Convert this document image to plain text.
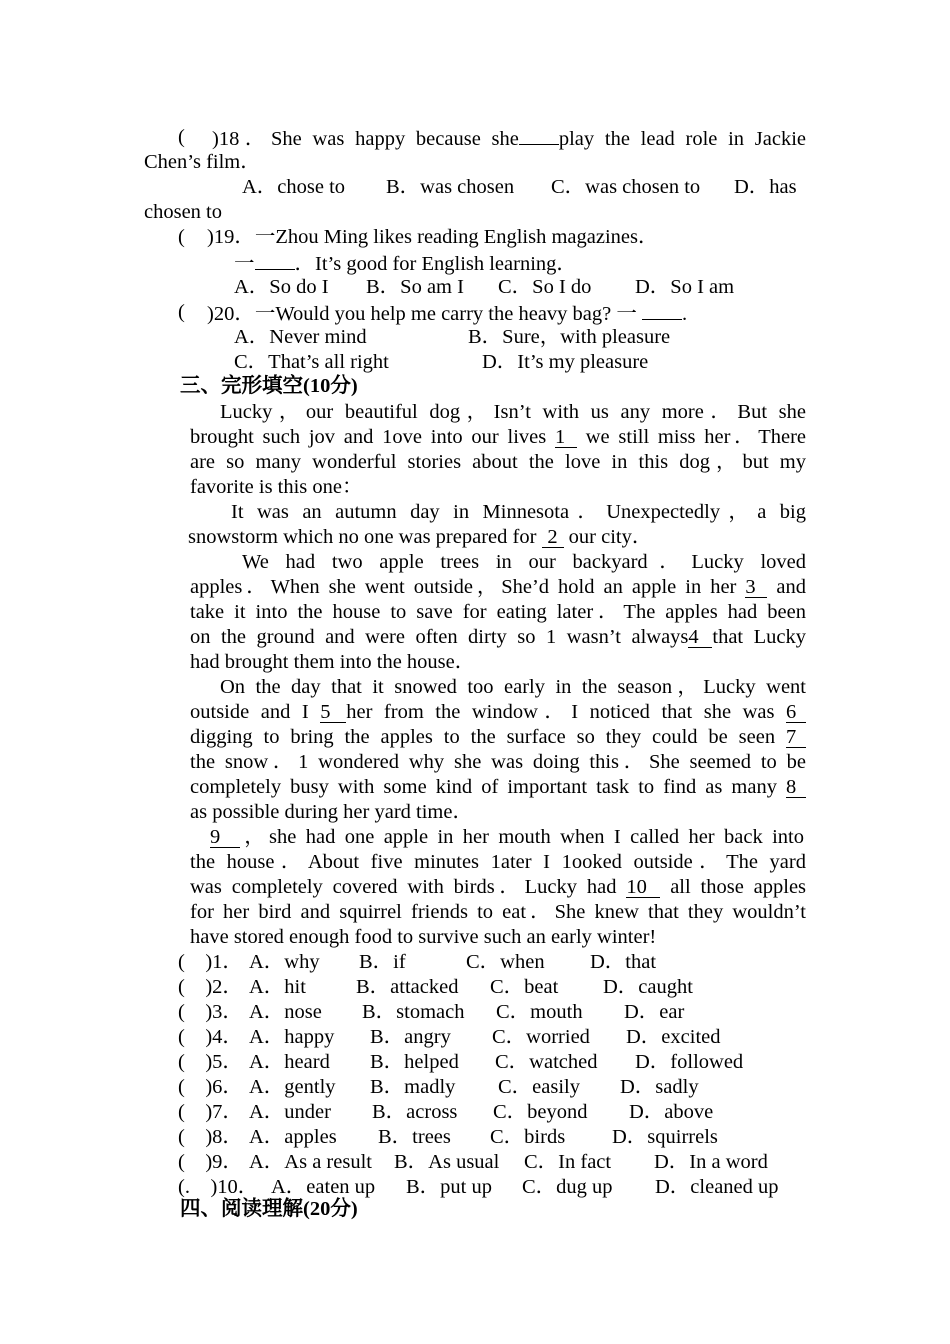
( )18．She was happy because she play the lead role in Jackie
Chen’s film．
A．chose to B．was chosen C．was chosen to D．has
chosen to
( )19．一Zhou Ming likes reading English magazines．
一 ．It’s good for English learning．
A．So do I B．So am I C．So I do D．So I am
( )20．一Would you help me carry the heavy bag? 一 .
A．Never mind	B．Sure，with pleasure
C．That’s all right	D．It’s my pleasure
三、完形填空(10分)
Lucky，our beautiful dog，Isn’t with us any more．But she
brought such jov and 1ove into our lives 1 we still miss her．There
are so many wonderful stories about the love in this dog，but my
favorite is this one：
It was an autumn day in Minnesota．Unexpectedly，a big
snowstorm which no one was prepared for 2 our city．
We had two apple trees in our backyard．Lucky loved
apples．When she went outside，She’d hold an apple in her 3 and
take it into the house to save for eating later．The apples had been
on the ground and were often dirty so 1 wasn’t always4 that Lucky
had brought them into the house．
On the day that it snowed too early in the season，Lucky went
outside and I 5 her from the window．I noticed that she was 6
digging to bring the apples to the surface so they could be seen 7
the snow．1 wondered why she was doing this．She seemed to be
completely busy with some kind of important task to find as many 8
as possible during her yard time．
9 ，she had one apple in her mouth when I called her back into
the house．About five minutes 1ater I 1ooked outside．The yard
was completely covered with birds．Lucky had 10 all those apples
for her bird and squirrel friends to eat．She knew that they wouldn’t
have stored enough food to survive such an early winter!
(    )1． A．why B．if	C．when D．that
(    )2． A．hit B．attacked C．beat D．caught
(    )3． A．nose B．stomach C．mouth D．ear
(    )4． A．happy B．angry C．worried D．excited
(    )5． A．heard B．helped C．watched D．followed
(    )6． A．gently B．madly C．easily D．sadly
(    )7． A．under B．across C．beyond D．above
(    )8． A．apples B．trees C．birds D．squirrels
(    )9． A．As a result B．As usual C．In fact D．In a word
(.    )10． A．eaten up B．put up C．dug up D．cleaned up
四、阅读理解(20分)
